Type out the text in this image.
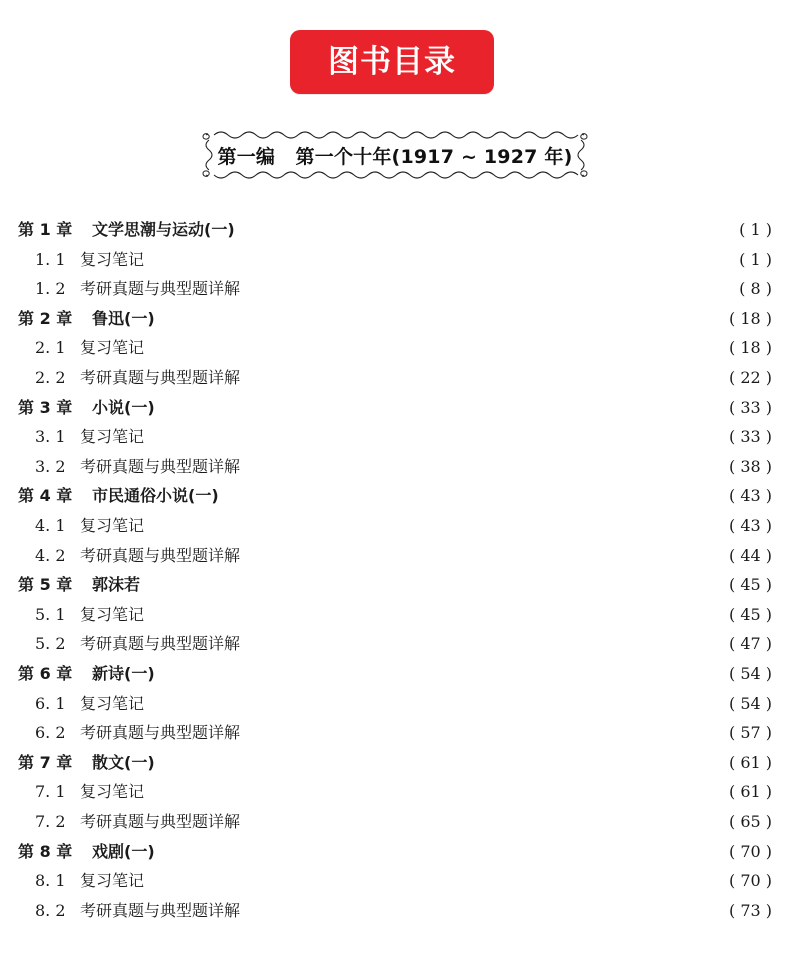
图书目录
第一编   第一个十年(1917 ~ 1927 年)
第 1 章 文学思潮与运动(一)	( 1 )
1. 1 复习笔记	( 1 )
1. 2 考研真题与典型题详解	( 8 )
第 2 章 鲁迅(一)	( 18 )
2. 1 复习笔记	( 18 )
2. 2 考研真题与典型题详解	( 22 )
第 3 章 小说(一)	( 33 )
3. 1 复习笔记	( 33 )
3. 2 考研真题与典型题详解	( 38 )
第 4 章 市民通俗小说(一)	( 43 )
4. 1 复习笔记	( 43 )
4. 2 考研真题与典型题详解	( 44 )
第 5 章 郭沫若	( 45 )
5. 1 复习笔记	( 45 )
5. 2 考研真题与典型题详解	( 47 )
第 6 章 新诗(一)	( 54 )
6. 1 复习笔记	( 54 )
6. 2 考研真题与典型题详解	( 57 )
第 7 章 散文(一)	( 61 )
7. 1 复习笔记	( 61 )
7. 2 考研真题与典型题详解	( 65 )
第 8 章 戏剧(一)	( 70 )
8. 1 复习笔记	( 70 )
8. 2 考研真题与典型题详解	( 73 )
